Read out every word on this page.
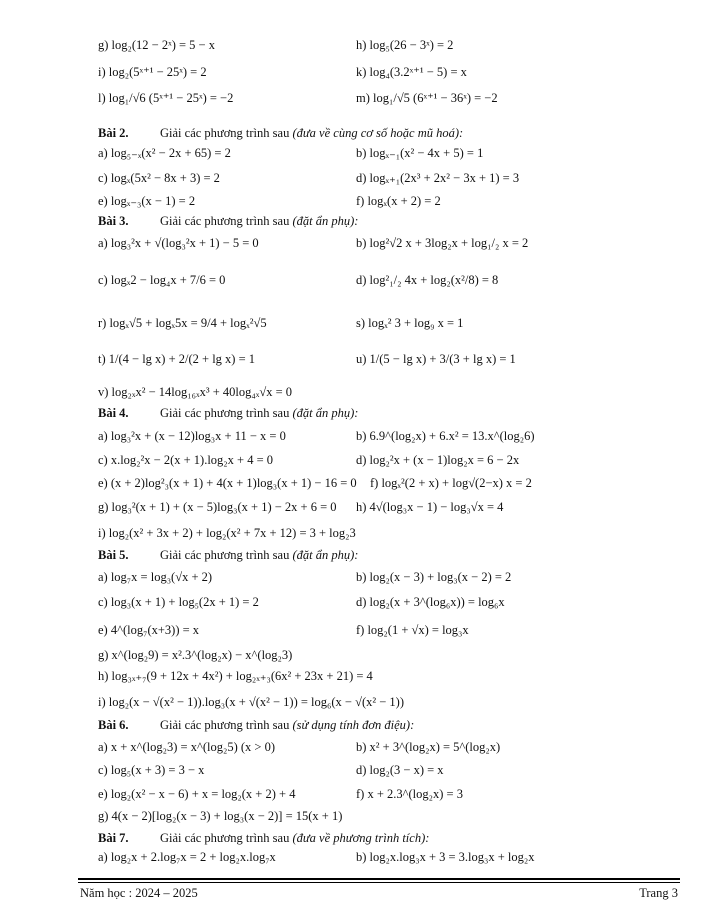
g) log₂(12 − 2ˣ) = 5 − x	h) log₅(26 − 3ˣ) = 2
i) log₂(5ˣ⁺¹ − 25ˣ) = 2	k) log₄(3.2ˣ⁺¹ − 5) = x
l) log₁/√6 (5ˣ⁺¹ − 25ˣ) = −2	m) log₁/√5 (6ˣ⁺¹ − 36ˣ) = −2
Bài 2.	Giải các phương trình sau (đưa về cùng cơ số hoặc mũ hoá):
a) log₅₋ₓ(x² − 2x + 65) = 2	b) logₓ₋₁(x² − 4x + 5) = 1
c) logₓ(5x² − 8x + 3) = 2	d) logₓ₊₁(2x³ + 2x² − 3x + 1) = 3
e) logₓ₋₃(x − 1) = 2	f) logₓ(x + 2) = 2
Bài 3.	Giải các phương trình sau (đặt ẩn phụ):
a) log₃²x + √(log₃²x + 1) − 5 = 0	b) log²√2 x + 3log₂x + log₁/₂ x = 2
c) logₓ2 − log₄x + 7/6 = 0	d) log²₁/₂ 4x + log₂(x²/8) = 8
r) logₓ√5 + logₓ5x = 9/4 + logₓ²√5	s) logₓ² 3 + log₉ x = 1
t) 1/(4 − lg x) + 2/(2 + lg x) = 1	u) 1/(5 − lg x) + 3/(3 + lg x) = 1
v) log₂ₓx² − 14log₁₆ₓx³ + 40log₄ₓ√x = 0
Bài 4.	Giải các phương trình sau (đặt ẩn phụ):
a) log₃²x + (x − 12)log₃x + 11 − x = 0	b) 6.9^(log₂x) + 6.x² = 13.x^(log₂6)
c) x.log₂²x − 2(x + 1).log₂x + 4 = 0	d) log₂²x + (x − 1)log₂x = 6 − 2x
e) (x + 2)log²₃(x + 1) + 4(x + 1)log₃(x + 1) − 16 = 0 f) logₓ²(2 + x) + log√(2−x) x = 2
g) log₃²(x + 1) + (x − 5)log₃(x + 1) − 2x + 6 = 0 h) 4√(log₃x − 1) − log₃√x = 4
i) log₂(x² + 3x + 2) + log₂(x² + 7x + 12) = 3 + log₂3
Bài 5.	Giải các phương trình sau (đặt ẩn phụ):
a) log₇x = log₃(√x + 2)	b) log₂(x − 3) + log₃(x − 2) = 2
c) log₃(x + 1) + log₅(2x + 1) = 2	d) log₂(x + 3^(log₆x)) = log₆x
e) 4^(log₇(x+3)) = x	f) log₂(1 + √x) = log₃x
g) x^(log₂9) = x².3^(log₂x) − x^(log₂3)
h) log₃ₓ₊₇(9 + 12x + 4x²) + log₂ₓ₊₃(6x² + 23x + 21) = 4
i) log₂(x − √(x² − 1)).log₃(x + √(x² − 1)) = log₆(x − √(x² − 1))
Bài 6.	Giải các phương trình sau (sử dụng tính đơn điệu):
a) x + x^(log₂3) = x^(log₂5) (x > 0)	b) x² + 3^(log₂x) = 5^(log₂x)
c) log₅(x + 3) = 3 − x	d) log₂(3 − x) = x
e) log₂(x² − x − 6) + x = log₂(x + 2) + 4	f) x + 2.3^(log₂x) = 3
g) 4(x − 2)[log₂(x − 3) + log₃(x − 2)] = 15(x + 1)
Bài 7.	Giải các phương trình sau (đưa về phương trình tích):
a) log₂x + 2.log₇x = 2 + log₂x.log₇x	b) log₂x.log₃x + 3 = 3.log₃x + log₂x
Năm học : 2024 – 2025	Trang 3
